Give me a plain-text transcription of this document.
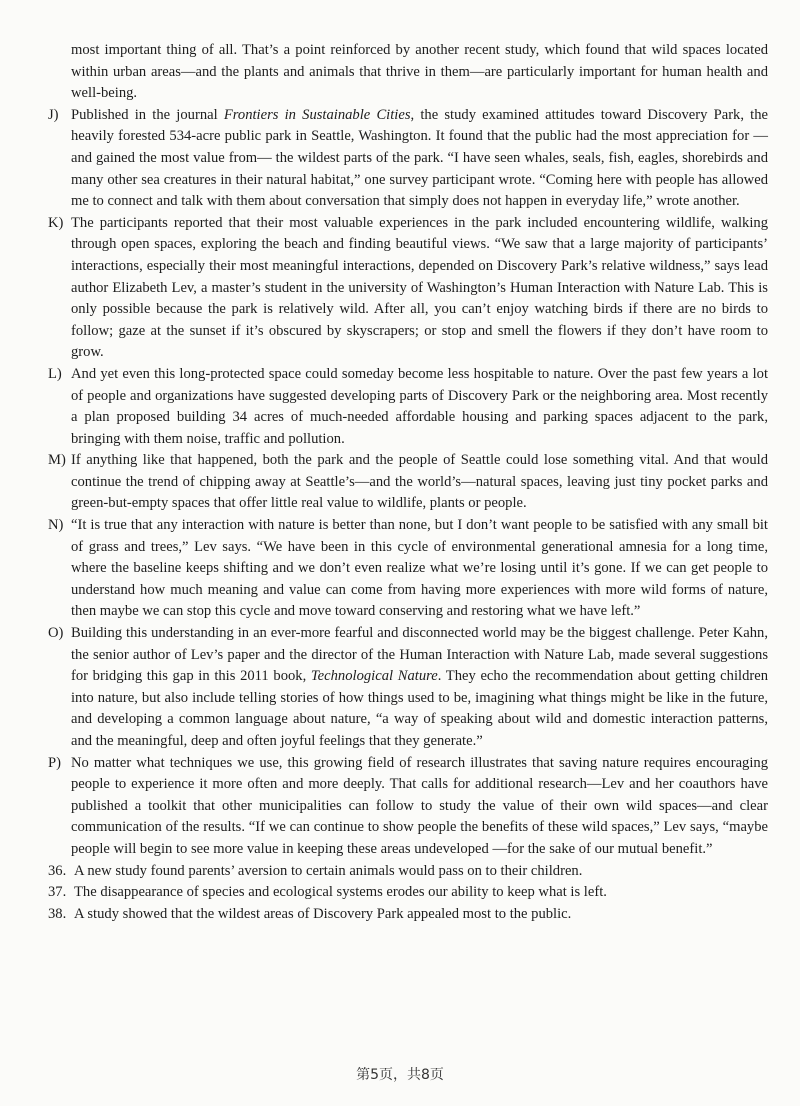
most important thing of all. That’s a point reinforced by another recent study, which found that wild spaces located within urban areas—and the plants and animals that thrive in them—are particularly important for human health and well-being.

J) Published in the journal Frontiers in Sustainable Cities, the study examined attitudes toward Discovery Park, the heavily forested 534-acre public park in Seattle, Washington. It found that the public had the most appreciation for —and gained the most value from— the wildest parts of the park. “I have seen whales, seals, fish, eagles, shorebirds and many other sea creatures in their natural habitat,” one survey participant wrote. “Coming here with people has allowed me to connect and talk with them about conversation that simply does not happen in everyday life,” wrote another.

K) The participants reported that their most valuable experiences in the park included encountering wildlife, walking through open spaces, exploring the beach and finding beautiful views. “We saw that a large majority of participants’ interactions, especially their most meaningful interactions, depended on Discovery Park’s relative wildness,” says lead author Elizabeth Lev, a master’s student in the university of Washington’s Human Interaction with Nature Lab. This is only possible because the park is relatively wild. After all, you can’t enjoy watching birds if there are no birds to follow; gaze at the sunset if it’s obscured by skyscrapers; or stop and smell the flowers if they don’t have room to grow.

L) And yet even this long-protected space could someday become less hospitable to nature. Over the past few years a lot of people and organizations have suggested developing parts of Discovery Park or the neighboring area. Most recently a plan proposed building 34 acres of much-needed affordable housing and parking spaces adjacent to the park, bringing with them noise, traffic and pollution.

M) If anything like that happened, both the park and the people of Seattle could lose something vital. And that would continue the trend of chipping away at Seattle’s—and the world’s—natural spaces, leaving just tiny pocket parks and green-but-empty spaces that offer little real value to wildlife, plants or people.

N) “It is true that any interaction with nature is better than none, but I don’t want people to be satisfied with any small bit of grass and trees,” Lev says. “We have been in this cycle of environmental generational amnesia for a long time, where the baseline keeps shifting and we don’t even realize what we’re losing until it’s gone. If we can get people to understand how much meaning and value can come from having more experiences with more wild forms of nature, then maybe we can stop this cycle and move toward conserving and restoring what we have left.”

O) Building this understanding in an ever-more fearful and disconnected world may be the biggest challenge. Peter Kahn, the senior author of Lev’s paper and the director of the Human Interaction with Nature Lab, made several suggestions for bridging this gap in this 2011 book, Technological Nature. They echo the recommendation about getting children into nature, but also include telling stories of how things used to be, imagining what things might be like in the future, and developing a common language about nature, “a way of speaking about wild and domestic interaction patterns, and the meaningful, deep and often joyful feelings that they generate.”

P) No matter what techniques we use, this growing field of research illustrates that saving nature requires encouraging people to experience it more often and more deeply. That calls for additional research—Lev and her coauthors have published a toolkit that other municipalities can follow to study the value of their own wild spaces—and clear communication of the results. “If we can continue to show people the benefits of these wild spaces,” Lev says, “maybe people will begin to see more value in keeping these areas undeveloped —for the sake of our mutual benefit.”

36. A new study found parents’ aversion to certain animals would pass on to their children.

37. The disappearance of species and ecological systems erodes our ability to keep what is left.

38. A study showed that the wildest areas of Discovery Park appealed most to the public.

第5页，共8页
